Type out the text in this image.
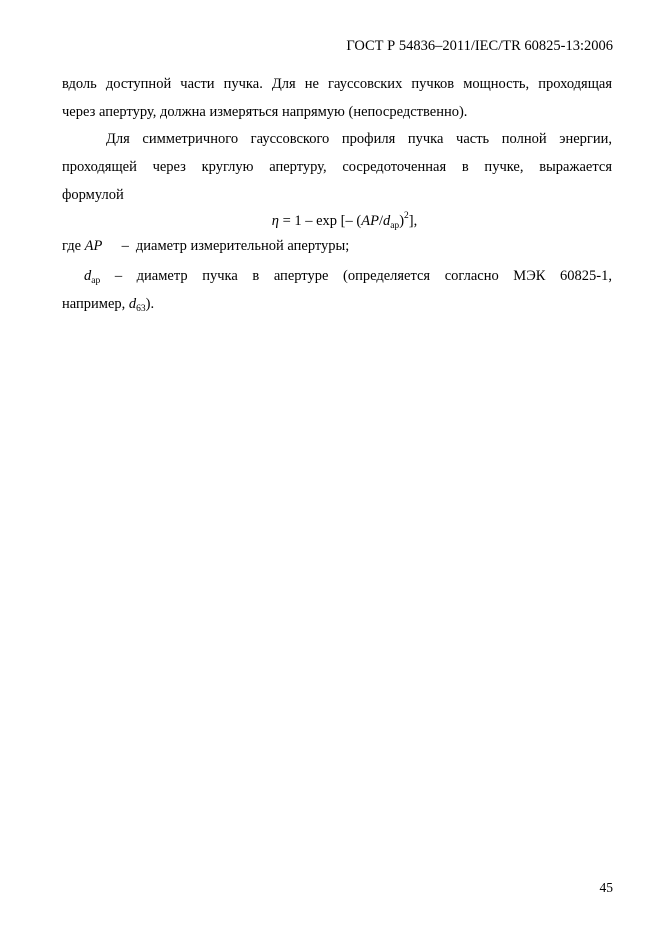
ГОСТ Р 54836–2011/IEC/TR 60825-13:2006
вдоль доступной части пучка. Для не гауссовских пучков мощность, проходящая
через апертуру, должна измеряться напрямую (непосредственно).
Для симметричного гауссовского профиля пучка часть полной энергии,
проходящей через круглую апертуру, сосредоточенная в пучке, выражается
формулой
η = 1 – exp [– $(AP/d_{ap})^2$],
где AP – диаметр измерительной апертуры;
$d_{ap}$ – диаметр пучка в апертуре (определяется согласно МЭК 60825-1,
например, $d_{63}$).
45
